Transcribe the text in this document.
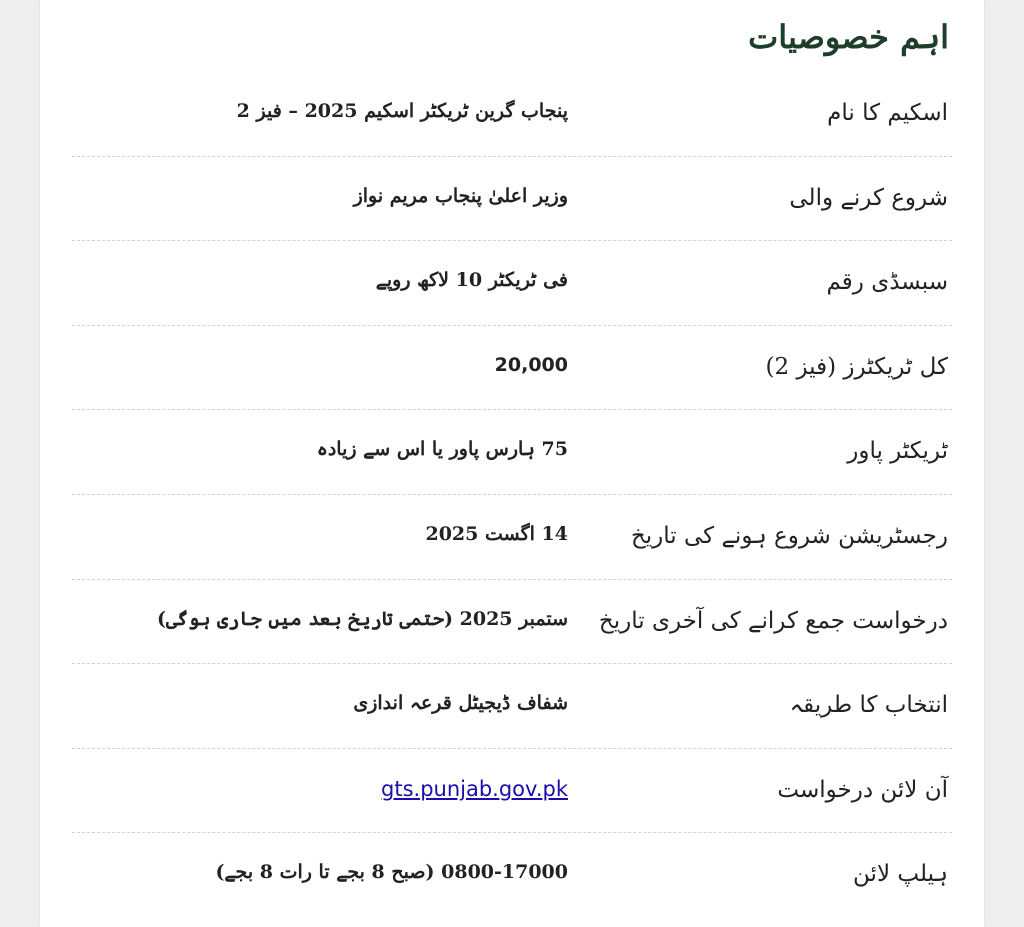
اہم خصوصیات
اسکیم کا نام
پنجاب گرین ٹریکٹر اسکیم 2025 – فیز 2
شروع کرنے والی
وزیر اعلیٰ پنجاب مریم نواز
سبسڈی رقم
فی ٹریکٹر 10 لاکھ روپے
کل ٹریکٹرز (فیز 2)
20,000
ٹریکٹر پاور
75 ہارس پاور یا اس سے زیادہ
رجسٹریشن شروع ہونے کی تاریخ
14 اگست 2025
درخواست جمع کرانے کی آخری تاریخ
ستمبر 2025 (حتمی تاریخ بعد میں جاری ہوگی)
انتخاب کا طریقہ
شفاف ڈیجیٹل قرعہ اندازی
آن لائن درخواست
gts.punjab.gov.pk
ہیلپ لائن
0800-17000 (صبح 8 بجے تا رات 8 بجے)
